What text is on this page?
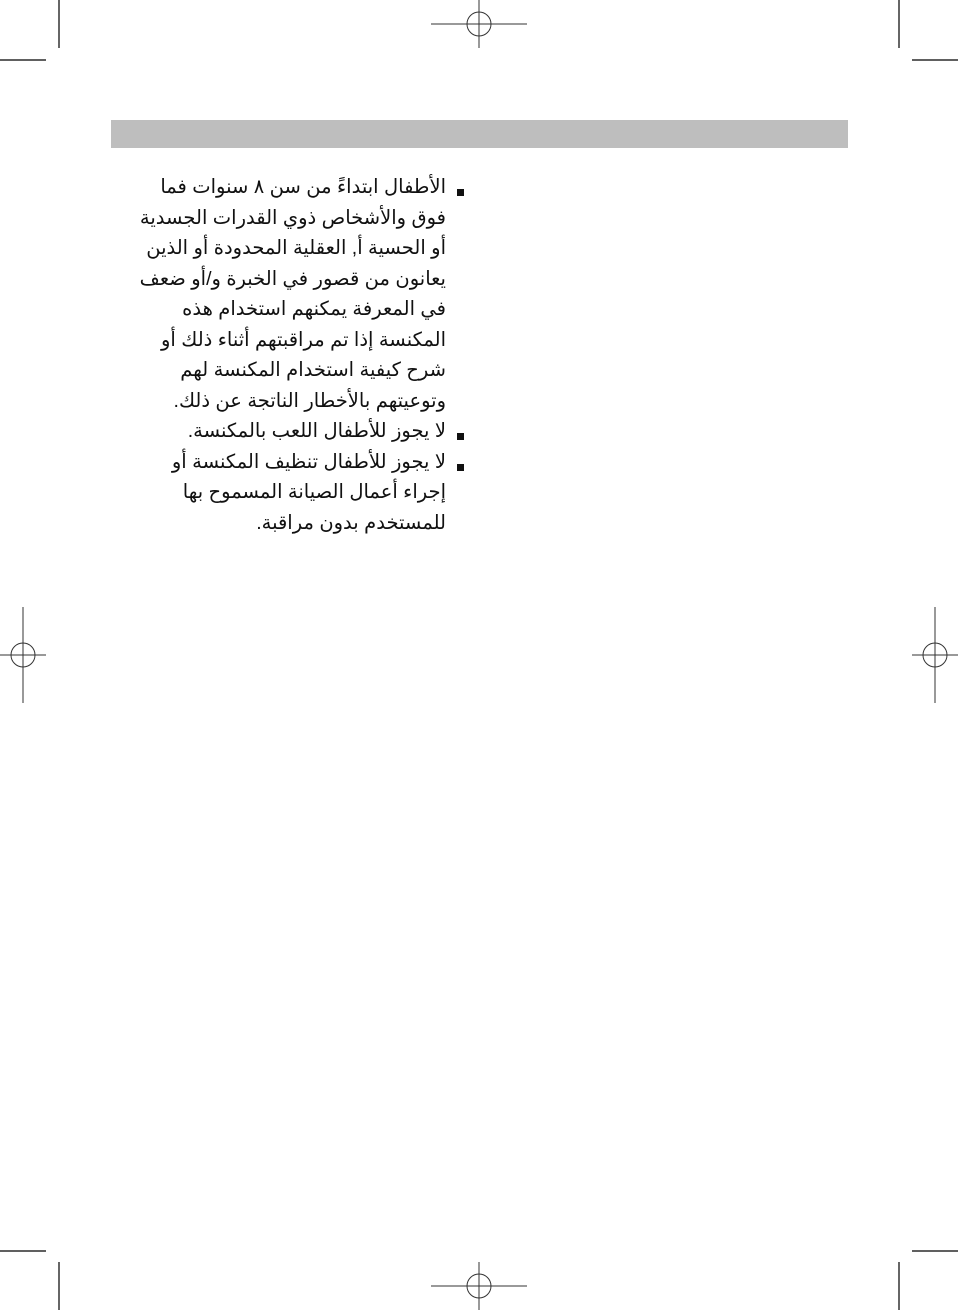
الأطفال ابتداءً من سن ٨ سنوات فما فوق والأشخاص ذوي القدرات الجسدية أو الحسية أ, العقلية المحدودة أو الذين يعانون من قصور في الخبرة و/أو ضعف في المعرفة يمكنهم استخدام هذه المكنسة إذا تم مراقبتهم أثناء ذلك أو شرح كيفية استخدام المكنسة لهم وتوعيتهم بالأخطار الناتجة عن ذلك.
لا يجوز للأطفال اللعب بالمكنسة.
لا يجوز للأطفال تنظيف المكنسة أو إجراء أعمال الصيانة المسموح بها للمستخدم بدون مراقبة.
